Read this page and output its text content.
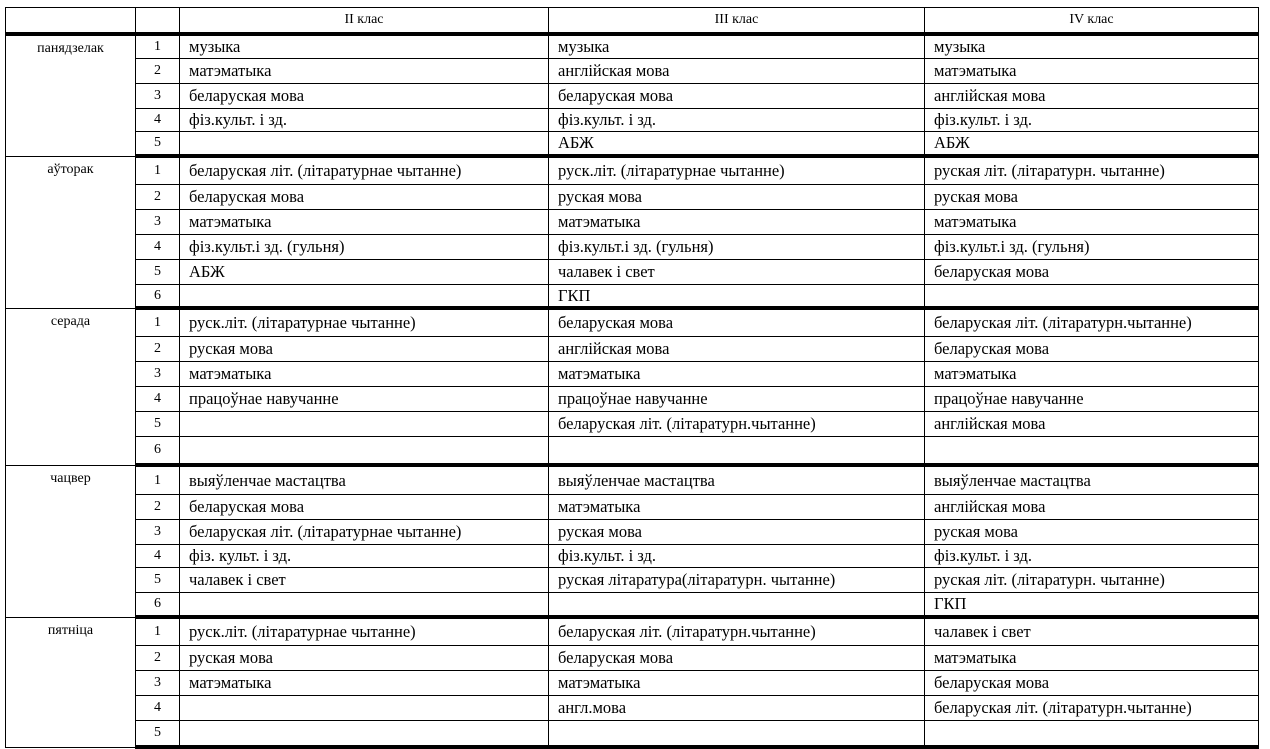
		II клас	III клас	IV клас
панядзелак	1	музыка	музыка	музыка
	2	матэматыка	англійская мова	матэматыка
	3	беларуская мова	беларуская мова	англійская мова
	4	фіз.культ. і зд.	фіз.культ. і зд.	фіз.культ. і зд.
	5		АБЖ	АБЖ
аўторак	1	беларуская літ. (літаратурнае чытанне)	руск.літ. (літаратурнае чытанне)	руская літ. (літаратурн. чытанне)
	2	беларуская мова	руская мова	руская мова
	3	матэматыка	матэматыка	матэматыка
	4	фіз.культ.і зд. (гульня)	фіз.культ.і зд. (гульня)	фіз.культ.і зд. (гульня)
	5	АБЖ	чалавек і свет	беларуская мова
	6		ГКП	
серада	1	руск.літ. (літаратурнае чытанне)	беларуская мова	беларуская літ. (літаратурн.чытанне)
	2	руская мова	англійская мова	беларуская мова
	3	матэматыка	матэматыка	матэматыка
	4	працоўнае навучанне	працоўнае навучанне	працоўнае навучанне
	5		беларуская літ. (літаратурн.чытанне)	англійская мова
	6			
чацвер	1	выяўленчае мастацтва	выяўленчае мастацтва	выяўленчае мастацтва
	2	беларуская мова	матэматыка	англійская мова
	3	беларуская літ. (літаратурнае чытанне)	руская мова	руская мова
	4	фіз. культ. і зд.	фіз.культ. і зд.	фіз.культ. і зд.
	5	чалавек і свет	руская літаратура(літаратурн. чытанне)	руская літ. (літаратурн. чытанне)
	6			ГКП
пятніца	1	руск.літ. (літаратурнае чытанне)	беларуская літ. (літаратурн.чытанне)	чалавек і свет
	2	руская мова	беларуская мова	матэматыка
	3	матэматыка	матэматыка	беларуская мова
	4		англ.мова	беларуская літ. (літаратурн.чытанне)
	5			
